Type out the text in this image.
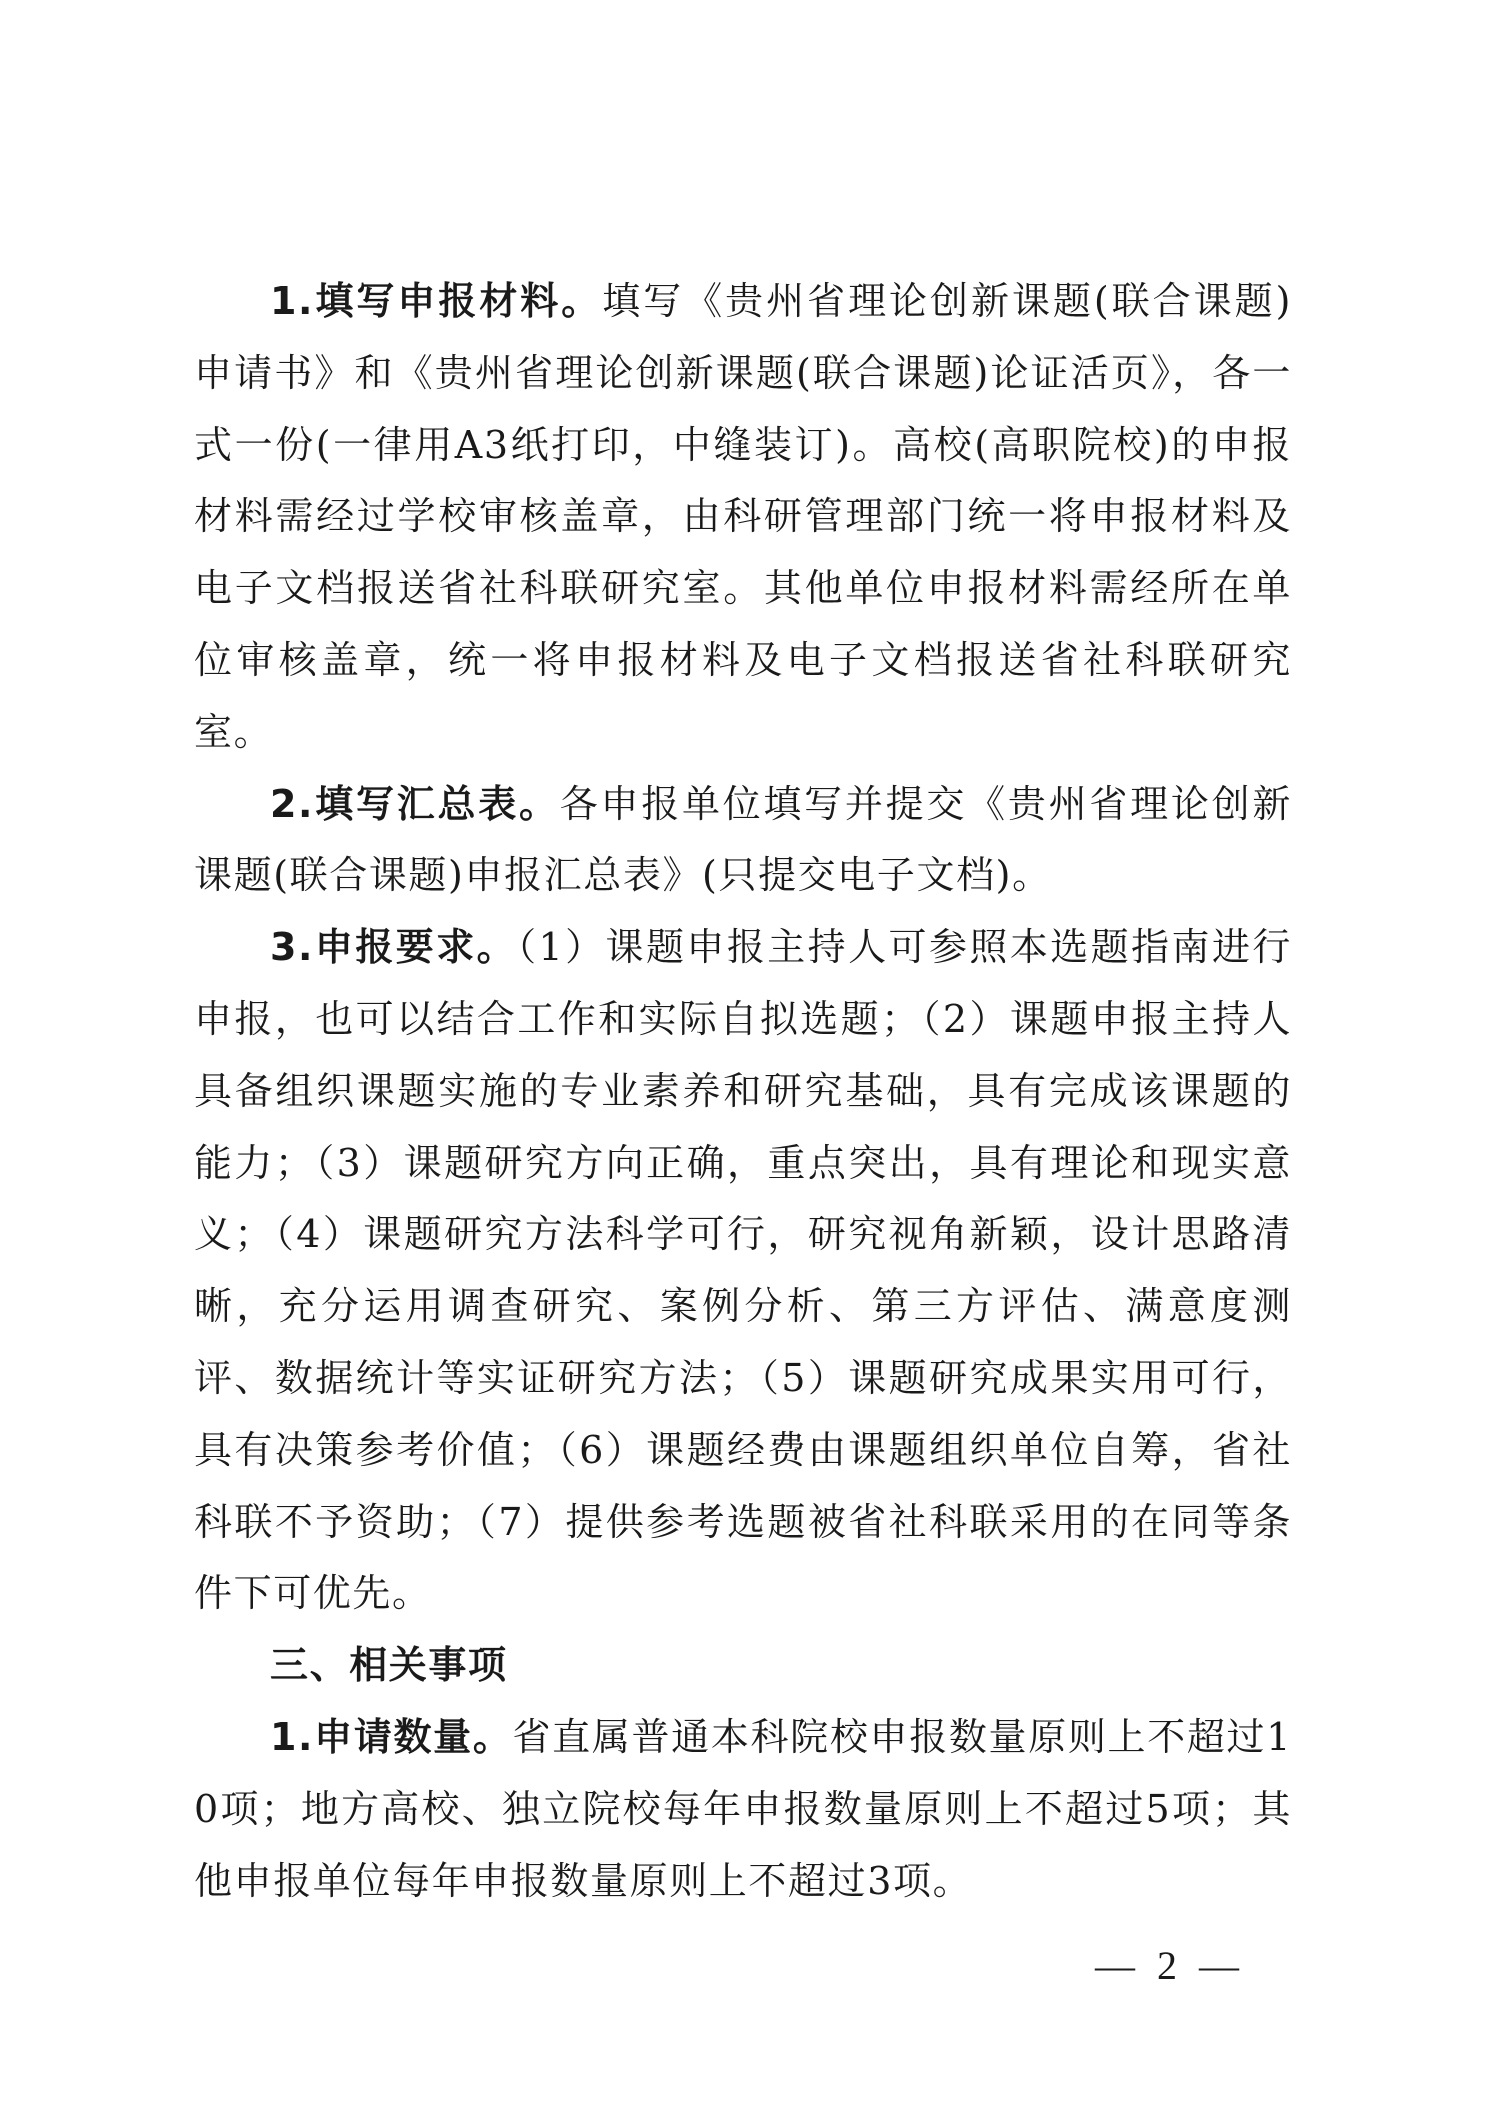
1.填写申报材料。填写《贵州省理论创新课题(联合课题)申请书》和《贵州省理论创新课题(联合课题)论证活页》，各一式一份(一律用A3纸打印，中缝装订)。高校(高职院校)的申报材料需经过学校审核盖章，由科研管理部门统一将申报材料及电子文档报送省社科联研究室。其他单位申报材料需经所在单位审核盖章，统一将申报材料及电子文档报送省社科联研究室。

2.填写汇总表。各申报单位填写并提交《贵州省理论创新课题(联合课题)申报汇总表》(只提交电子文档)。

3.申报要求。（1）课题申报主持人可参照本选题指南进行申报，也可以结合工作和实际自拟选题；（2）课题申报主持人具备组织课题实施的专业素养和研究基础，具有完成该课题的能力；（3）课题研究方向正确，重点突出，具有理论和现实意义；（4）课题研究方法科学可行，研究视角新颖，设计思路清晰，充分运用调查研究、案例分析、第三方评估、满意度测评、数据统计等实证研究方法；（5）课题研究成果实用可行，具有决策参考价值；（6）课题经费由课题组织单位自筹，省社科联不予资助；（7）提供参考选题被省社科联采用的在同等条件下可优先。

三、相关事项

1.申请数量。省直属普通本科院校申报数量原则上不超过10项；地方高校、独立院校每年申报数量原则上不超过5项；其他申报单位每年申报数量原则上不超过3项。

— 2 —
